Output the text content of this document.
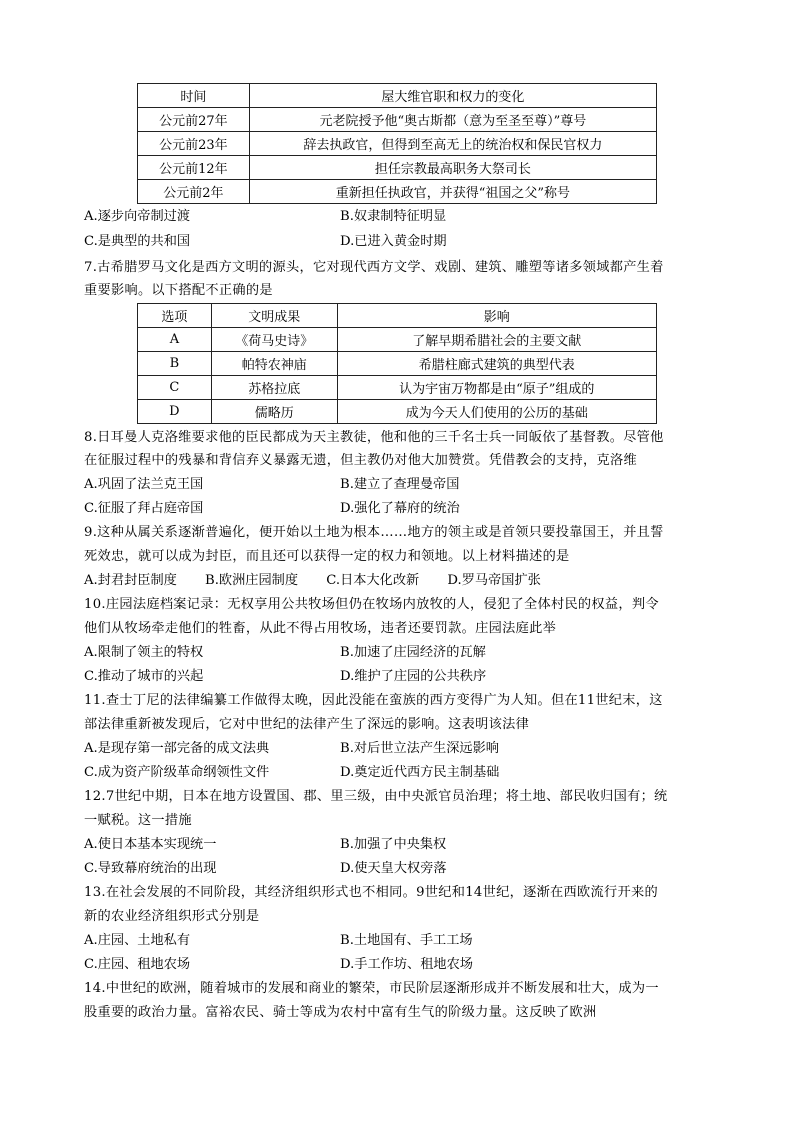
时间	屋大维官职和权力的变化
公元前27年	元老院授予他“奥古斯都（意为至圣至尊）”尊号
公元前23年	辞去执政官，但得到至高无上的统治权和保民官权力
公元前12年	担任宗教最高职务大祭司长
公元前2年	重新担任执政官，并获得“祖国之父”称号
A.逐步向帝制过渡	B.奴隶制特征明显
C.是典型的共和国	D.已进入黄金时期
7.古希腊罗马文化是西方文明的源头，它对现代西方文学、戏剧、建筑、雕塑等诸多领域都产生着
重要影响。以下搭配不正确的是
选项	文明成果	影响
A	《荷马史诗》	了解早期希腊社会的主要文献
B	帕特农神庙	希腊柱廊式建筑的典型代表
C	苏格拉底	认为宇宙万物都是由“原子”组成的
D	儒略历	成为今天人们使用的公历的基础
8.日耳曼人克洛维要求他的臣民都成为天主教徒，他和他的三千名士兵一同皈依了基督教。尽管他
在征服过程中的残暴和背信弃义暴露无遗，但主教仍对他大加赞赏。凭借教会的支持，克洛维
A.巩固了法兰克王国	B.建立了查理曼帝国
C.征服了拜占庭帝国	D.强化了幕府的统治
9.这种从属关系逐渐普遍化，便开始以土地为根本……地方的领主或是首领只要投靠国王，并且誓
死效忠，就可以成为封臣，而且还可以获得一定的权力和领地。以上材料描述的是
A.封君封臣制度 B.欧洲庄园制度 C.日本大化改新 D.罗马帝国扩张
10.庄园法庭档案记录：无权享用公共牧场但仍在牧场内放牧的人，侵犯了全体村民的权益，判令
他们从牧场牵走他们的牲畜，从此不得占用牧场，违者还要罚款。庄园法庭此举
A.限制了领主的特权	B.加速了庄园经济的瓦解
C.推动了城市的兴起	D.维护了庄园的公共秩序
11.查士丁尼的法律编纂工作做得太晚，因此没能在蛮族的西方变得广为人知。但在11世纪末，这
部法律重新被发现后，它对中世纪的法律产生了深远的影响。这表明该法律
A.是现存第一部完备的成文法典	B.对后世立法产生深远影响
C.成为资产阶级革命纲领性文件	D.奠定近代西方民主制基础
12.7世纪中期，日本在地方设置国、郡、里三级，由中央派官员治理；将土地、部民收归国有；统
一赋税。这一措施
A.使日本基本实现统一	B.加强了中央集权
C.导致幕府统治的出现	D.使天皇大权旁落
13.在社会发展的不同阶段，其经济组织形式也不相同。9世纪和14世纪，逐渐在西欧流行开来的
新的农业经济组织形式分别是
A.庄园、土地私有	B.土地国有、手工工场
C.庄园、租地农场	D.手工作坊、租地农场
14.中世纪的欧洲，随着城市的发展和商业的繁荣，市民阶层逐渐形成并不断发展和壮大，成为一
股重要的政治力量。富裕农民、骑士等成为农村中富有生气的阶级力量。这反映了欧洲
